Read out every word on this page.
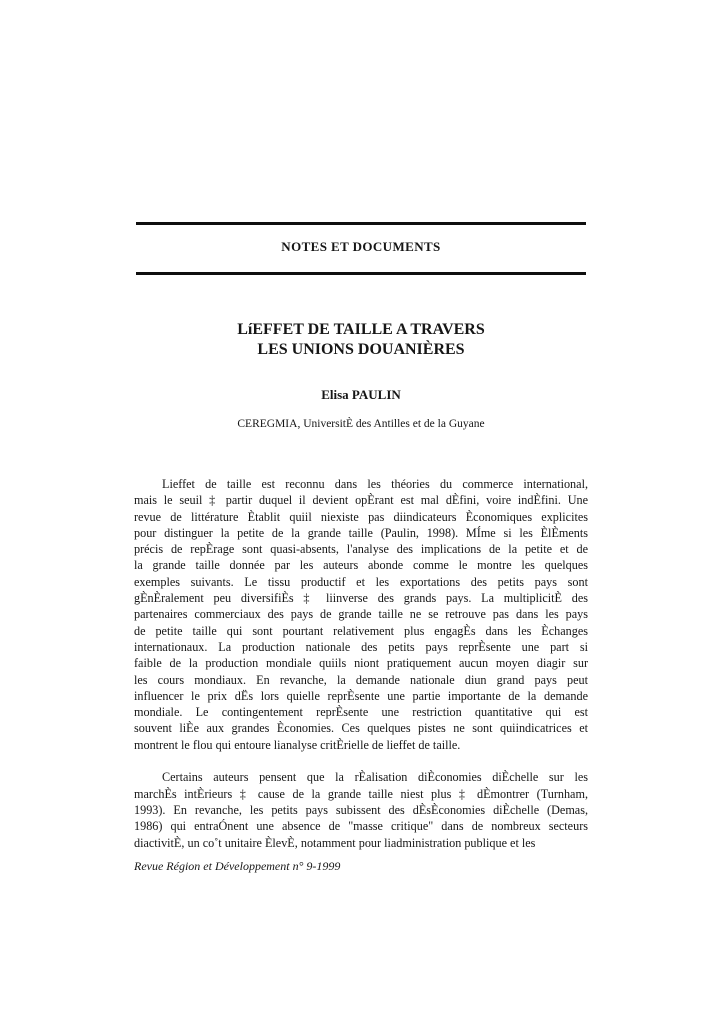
NOTES ET DOCUMENTS
LíEFFET DE TAILLE A TRAVERS
LES UNIONS DOUANIÈRES
Elisa PAULIN
CEREGMIA, UniversitÈ des Antilles et de la Guyane
Lieffet de taille est reconnu dans les théories du commerce international,
mais le seuil ‡ partir duquel il devient opÈrant est mal dÈfini, voire indÈfini. Une
revue de littérature Ètablit quiil niexiste pas diindicateurs Èconomiques explicites
pour distinguer la petite de la grande taille (Paulin, 1998). MÍme si les ÈlÈments
précis de repÈrage sont quasi-absents, l'analyse des implications de la petite et de
la grande taille donnée par les auteurs abonde comme le montre les quelques
exemples suivants. Le tissu productif et les exportations des petits pays sont
gÈnÈralement peu diversifiÈs ‡ liinverse des grands pays. La multiplicitÈ des
partenaires commerciaux des pays de grande taille ne se retrouve pas dans les pays
de petite taille qui sont pourtant relativement plus engagÈs dans les Èchanges
internationaux. La production nationale des petits pays reprÈsente une part si
faible de la production mondiale quiils niont pratiquement aucun moyen diagir sur
les cours mondiaux. En revanche, la demande nationale diun grand pays peut
influencer le prix dËs lors quielle reprÈsente une partie importante de la demande
mondiale. Le contingentement reprÈsente une restriction quantitative qui est
souvent liÈe aux grandes Èconomies. Ces quelques pistes ne sont quiindicatrices et
montrent le flou qui entoure lianalyse critÈrielle de lieffet de taille.
Certains auteurs pensent que la rÈalisation diÈconomies diÈchelle sur les
marchÈs intÈrieurs ‡ cause de la grande taille niest plus ‡ dÈmontrer (Turnham,
1993). En revanche, les petits pays subissent des dÈsÈconomies diÈchelle (Demas,
1986) qui entraÓnent une absence de "masse critique" dans de nombreux secteurs
diactivitÈ, un co˚t unitaire ÈlevÈ, notamment pour liadministration publique et les
Revue Région et Développement n° 9-1999
